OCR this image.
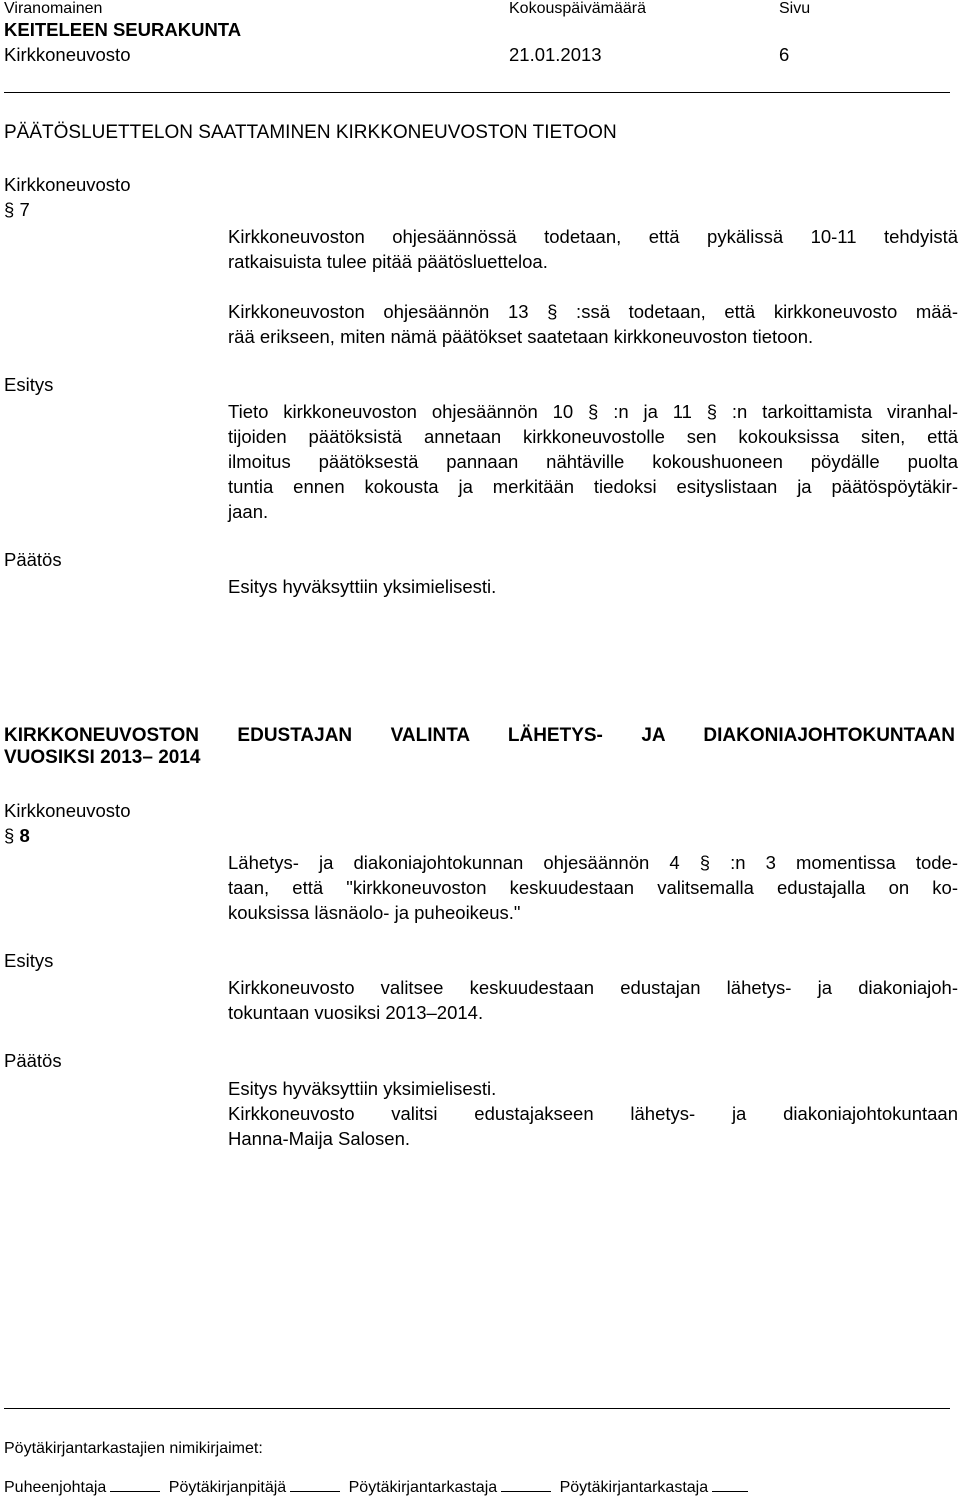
Viranomainen	Kokouspäivämäärä	Sivu
KEITELEEN SEURAKUNTA
Kirkkoneuvosto	21.01.2013	6
PÄÄTÖSLUETTELON SAATTAMINEN KIRKKONEUVOSTON TIETOON
Kirkkoneuvosto
§ 7
Kirkkoneuvoston ohjesäännössä todetaan, että pykälissä 10-11 tehdyistä
ratkaisuista tulee pitää päätösluetteloa.
Kirkkoneuvoston ohjesäännön 13 § :ssä todetaan, että kirkkoneuvosto mää-
rää erikseen, miten nämä päätökset saatetaan kirkkoneuvoston tietoon.
Esitys
Tieto kirkkoneuvoston ohjesäännön 10 § :n ja 11 § :n tarkoittamista viranhal-
tijoiden päätöksistä annetaan kirkkoneuvostolle sen kokouksissa siten, että
ilmoitus päätöksestä pannaan nähtäville kokoushuoneen pöydälle puolta
tuntia ennen kokousta ja merkitään tiedoksi esityslistaan ja päätöspöytäkir-
jaan.
Päätös
Esitys hyväksyttiin yksimielisesti.
KIRKKONEUVOSTON EDUSTAJAN VALINTA LÄHETYS- JA DIAKONIAJOHTOKUNTAAN
VUOSIKSI 2013– 2014
Kirkkoneuvosto
§ 8
Lähetys- ja diakoniajohtokunnan ohjesäännön 4 § :n 3 momentissa tode-
taan, että "kirkkoneuvoston keskuudestaan valitsemalla edustajalla on ko-
kouksissa läsnäolo- ja puheoikeus."
Esitys
Kirkkoneuvosto valitsee keskuudestaan edustajan lähetys- ja diakoniajoh-
tokuntaan vuosiksi 2013–2014.
Päätös
Esitys hyväksyttiin yksimielisesti.
Kirkkoneuvosto valitsi edustajakseen lähetys- ja diakoniajohtokuntaan
Hanna-Maija Salosen.
Pöytäkirjantarkastajien nimikirjaimet:
Puheenjohtaja	Pöytäkirjanpitäjä	Pöytäkirjantarkastaja	Pöytäkirjantarkastaja
